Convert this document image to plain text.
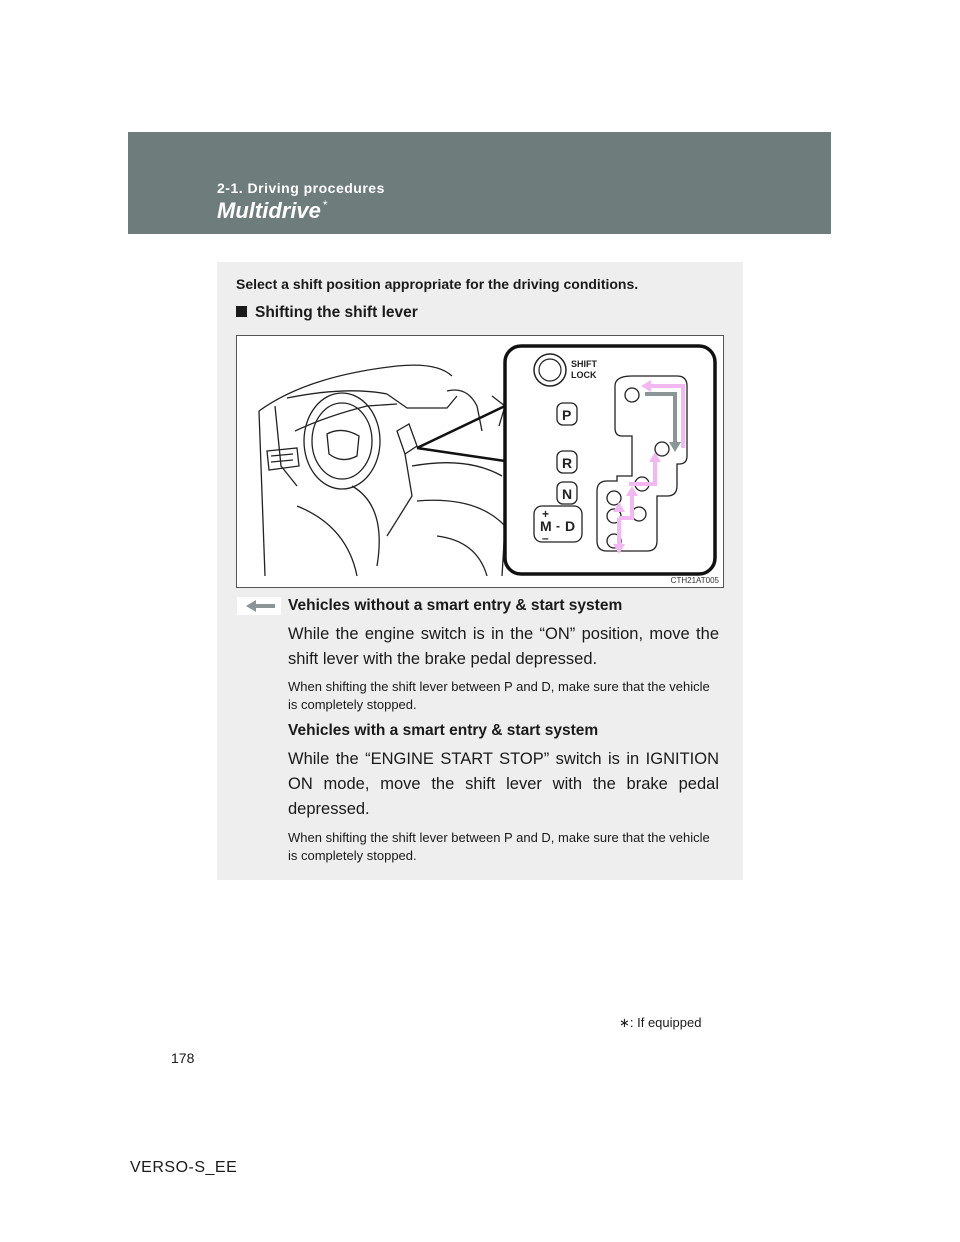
2-1. Driving procedures
Multidrive *
Select a shift position appropriate for the driving conditions.
Shifting the shift lever
SHIFT
LOCK
P
R
N
+
M - D
–
CTH21AT005
Vehicles without a smart entry & start system
While the engine switch is in the “ON” position, move the shift lever with the brake pedal depressed.
When shifting the shift lever between P and D, make sure that the vehicle is completely stopped.
Vehicles with a smart entry & start system
While the “ENGINE START STOP” switch is in IGNITION ON mode, move the shift lever with the brake pedal depressed.
When shifting the shift lever between P and D, make sure that the vehicle is completely stopped.
∗: If equipped
178
VERSO-S_EE
